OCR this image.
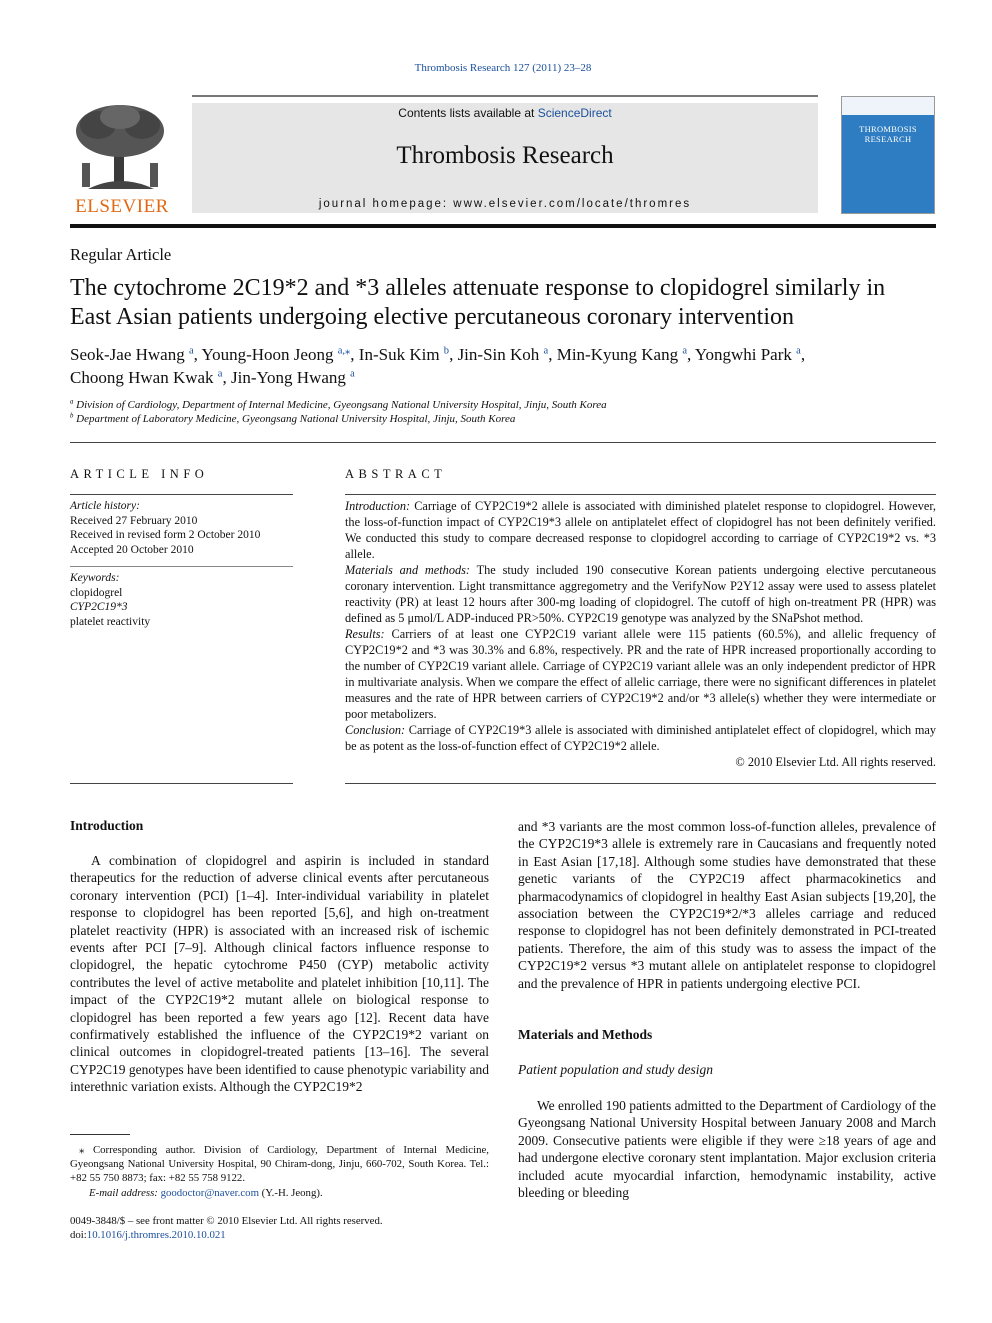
Thrombosis Research 127 (2011) 23–28
ELSEVIER
Contents lists available at ScienceDirect
Thrombosis Research
journal homepage: www.elsevier.com/locate/thromres
THROMBOSIS RESEARCH
Regular Article
The cytochrome 2C19*2 and *3 alleles attenuate response to clopidogrel similarly in
East Asian patients undergoing elective percutaneous coronary intervention
Seok-Jae Hwang $^a$, Young-Hoon Jeong $^{a,⁎}$, In-Suk Kim $^b$, Jin-Sin Koh $^a$, Min-Kyung Kang $^a$, Yongwhi Park $^a$,
Choong Hwan Kwak $^a$, Jin-Yong Hwang $^a$
$^a$ Division of Cardiology, Department of Internal Medicine, Gyeongsang National University Hospital, Jinju, South Korea
$^b$ Department of Laboratory Medicine, Gyeongsang National University Hospital, Jinju, South Korea
ARTICLE INFO
Article history:
Received 27 February 2010
Received in revised form 2 October 2010
Accepted 20 October 2010
Keywords:
clopidogrel
CYP2C19*3
platelet reactivity
ABSTRACT

Introduction: Carriage of CYP2C19*2 allele is associated with diminished platelet response to clopidogrel. However, the loss-of-function impact of CYP2C19*3 allele on antiplatelet effect of clopidogrel has not been definitely verified. We conducted this study to compare decreased response to clopidogrel according to carriage of CYP2C19*2 vs. *3 allele.

Materials and methods: The study included 190 consecutive Korean patients undergoing elective percutaneous coronary intervention. Light transmittance aggregometry and the VerifyNow P2Y12 assay were used to assess platelet reactivity (PR) at least 12 hours after 300-mg loading of clopidogrel. The cutoff of high on-treatment PR (HPR) was defined as 5 μmol/L ADP-induced PR>50%. CYP2C19 genotype was analyzed by the SNaPshot method.

Results: Carriers of at least one CYP2C19 variant allele were 115 patients (60.5%), and allelic frequency of CYP2C19*2 and *3 was 30.3% and 6.8%, respectively. PR and the rate of HPR increased proportionally according to the number of CYP2C19 variant allele. Carriage of CYP2C19 variant allele was an only independent predictor of HPR in multivariate analysis. When we compare the effect of allelic carriage, there were no significant differences in platelet measures and the rate of HPR between carriers of CYP2C19*2 and/or *3 allele(s) whether they were intermediate or poor metabolizers.

Conclusion: Carriage of CYP2C19*3 allele is associated with diminished antiplatelet effect of clopidogrel, which may be as potent as the loss-of-function effect of CYP2C19*2 allele.

© 2010 Elsevier Ltd. All rights reserved.

Introduction
A combination of clopidogrel and aspirin is included in standard therapeutics for the reduction of adverse clinical events after percutaneous coronary intervention (PCI) [1–4]. Inter-individual variability in platelet response to clopidogrel has been reported [5,6], and high on-treatment platelet reactivity (HPR) is associated with an increased risk of ischemic events after PCI [7–9]. Although clinical factors influence response to clopidogrel, the hepatic cytochrome P450 (CYP) metabolic activity contributes the level of active metabolite and platelet inhibition [10,11]. The impact of the CYP2C19*2 mutant allele on biological response to clopidogrel has been reported a few years ago [12]. Recent data have confirmatively established the influence of the CYP2C19*2 variant on clinical outcomes in clopidogrel-treated patients [13–16]. The several CYP2C19 genotypes have been identified to cause phenotypic variability and interethnic variation exists. Although the CYP2C19*2
and *3 variants are the most common loss-of-function alleles, prevalence of the CYP2C19*3 allele is extremely rare in Caucasians and frequently noted in East Asian [17,18]. Although some studies have demonstrated that these genetic variants of the CYP2C19 affect pharmacokinetics and pharmacodynamics of clopidogrel in healthy East Asian subjects [19,20], the association between the CYP2C19*2/*3 alleles carriage and reduced response to clopidogrel has not been definitely demonstrated in PCI-treated patients. Therefore, the aim of this study was to assess the impact of the CYP2C19*2 versus *3 mutant allele on antiplatelet response to clopidogrel and the prevalence of HPR in patients undergoing elective PCI.
Materials and Methods
Patient population and study design
We enrolled 190 patients admitted to the Department of Cardiology of the Gyeongsang National University Hospital between January 2008 and March 2009. Consecutive patients were eligible if they were ≥18 years of age and had undergone elective coronary stent implantation. Major exclusion criteria included acute myocardial infarction, hemodynamic instability, active bleeding or bleeding
⁎ Corresponding author. Division of Cardiology, Department of Internal Medicine, Gyeongsang National University Hospital, 90 Chiram-dong, Jinju, 660-702, South Korea. Tel.: +82 55 750 8873; fax: +82 55 758 9122.
E-mail address: goodoctor@naver.com (Y.-H. Jeong).
0049-3848/$ – see front matter © 2010 Elsevier Ltd. All rights reserved.
doi:10.1016/j.thromres.2010.10.021
